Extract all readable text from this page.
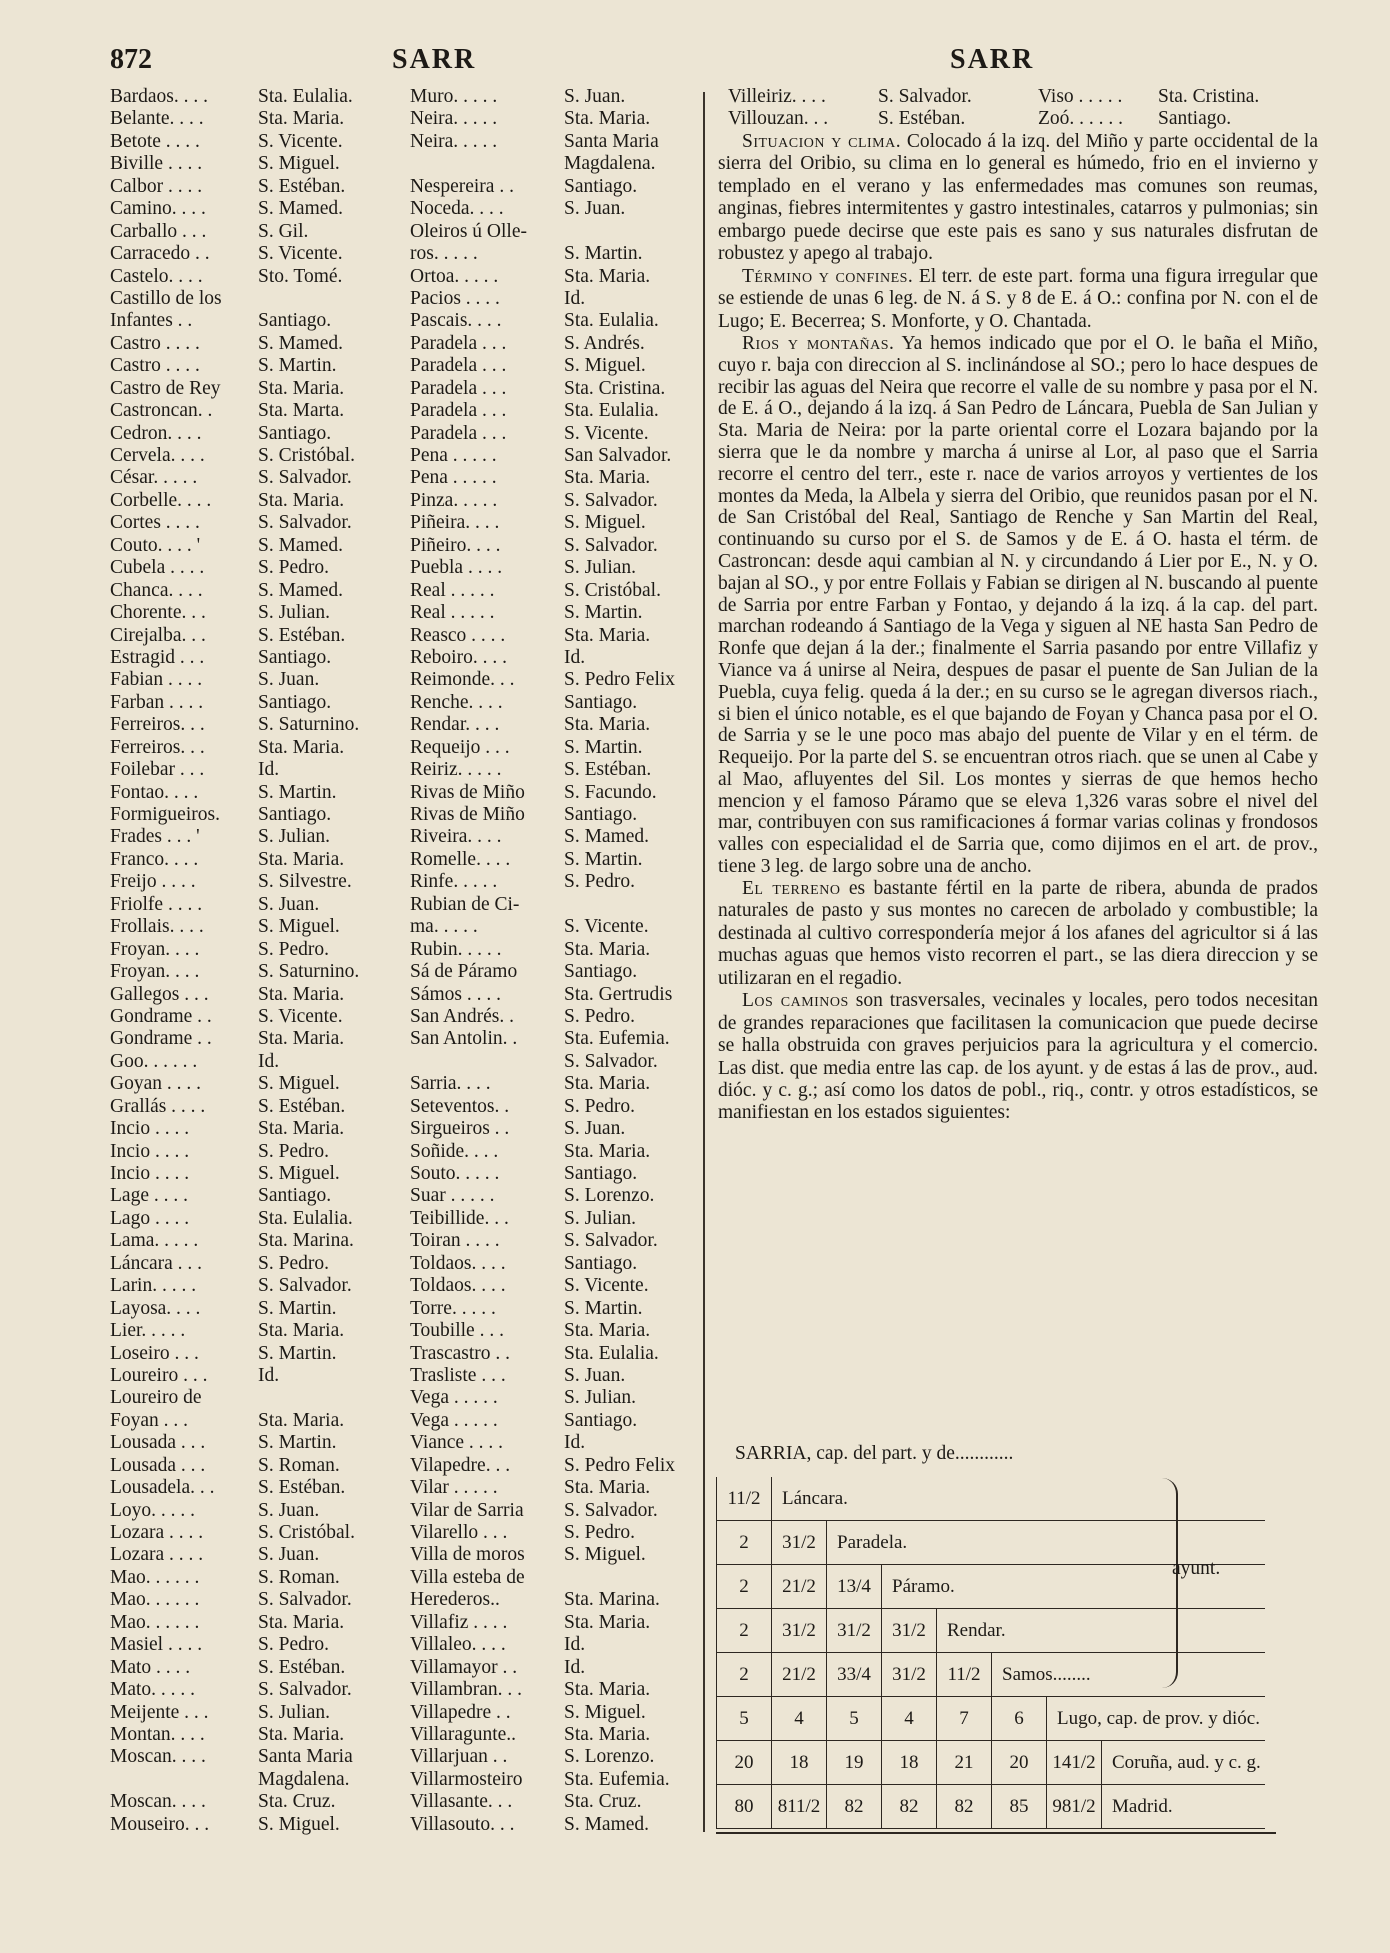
872	SARR	SARR
Bardaos. . . .	Sta. Eulalia.
Belante. . . .	Sta. Maria.
Betote . . . .	S. Vicente.
Biville . . . .	S. Miguel.
Calbor . . . .	S. Estéban.
Camino. . . .	S. Mamed.
Carballo . . .	S. Gil.
Carracedo . . S. Vicente.
Castelo. . . .	Sto. Tomé.
Castillo de los
Infantes . .	Santiago.
Castro . . . .	S. Mamed.
Castro . . . .	S. Martin.
Castro de Rey Sta. Maria.
Castroncan. . Sta. Marta.
Cedron. . . .	Santiago.
Cervela. . . .	S. Cristóbal.
César. . . . .	S. Salvador.
Corbelle. . . . Sta. Maria.
Cortes . . . .	S. Salvador.
Couto. . . . '	S. Mamed.
Cubela . . . .	S. Pedro.
Chanca. . . .	S. Mamed.
Chorente. . .	S. Julian.
Cirejalba. . .	S. Estéban.
Estragid . . .	Santiago.
Fabian . . . .	S. Juan.
Farban . . . .	Santiago.
Ferreiros. . .	S. Saturnino.
Ferreiros. . .	Sta. Maria.
Foilebar . . .	Id.
Fontao. . . .	S. Martin.
Formigueiros. Santiago.
Frades . . . '	S. Julian.
Franco. . . .	Sta. Maria.
Freijo . . . .	S. Silvestre.
Friolfe . . . .	S. Juan.
Frollais. . . .	S. Miguel.
Froyan. . . .	S. Pedro.
Froyan. . . .	S. Saturnino.
Gallegos . . .	Sta. Maria.
Gondrame . . S. Vicente.
Gondrame . . Sta. Maria.
Goo. . . . . .	Id.
Goyan . . . .	S. Miguel.
Grallás . . . .	S. Estéban.
Incio . . . .	Sta. Maria.
Incio . . . .	S. Pedro.
Incio . . . .	S. Miguel.
Lage . . . .	Santiago.
Lago . . . .	Sta. Eulalia.
Lama. . . . .	Sta. Marina.
Láncara . . .	S. Pedro.
Larin. . . . .	S. Salvador.
Layosa. . . .	S. Martin.
Lier. . . . .	Sta. Maria.
Loseiro . . .	S. Martin.
Loureiro . . .	Id.
Loureiro de
Foyan . . .	Sta. Maria.
Lousada . . .	S. Martin.
Lousada . . .	S. Roman.
Lousadela. . . S. Estéban.
Loyo. . . . .	S. Juan.
Lozara . . . .	S. Cristóbal.
Lozara . . . .	S. Juan.
Mao. . . . . .	S. Roman.
Mao. . . . . .	S. Salvador.
Mao. . . . . .	Sta. Maria.
Masiel . . . .	S. Pedro.
Mato . . . .	S. Estéban.
Mato. . . . .	S. Salvador.
Meijente . . .	S. Julian.
Montan. . . .	Sta. Maria.
Moscan. . . .	Santa Maria
Magdalena.
Moscan. . . .	Sta. Cruz.
Mouseiro. . .	S. Miguel.
Muro. . . . .	S. Juan.
Neira. . . . .	Sta. Maria.
Neira. . . . .	Santa Maria
Magdalena.
Nespereira . .	Santiago.
Noceda. . . .	S. Juan.
Oleiros ú Olle-
ros. . . . .	S. Martin.
Ortoa. . . . .	Sta. Maria.
Pacios . . . .	Id.
Pascais. . . .	Sta. Eulalia.
Paradela . . .	S. Andrés.
Paradela . . .	S. Miguel.
Paradela . . .	Sta. Cristina.
Paradela . . .	Sta. Eulalia.
Paradela . . .	S. Vicente.
Pena . . . . .	San Salvador.
Pena . . . . .	Sta. Maria.
Pinza. . . . .	S. Salvador.
Piñeira. . . .	S. Miguel.
Piñeiro. . . .	S. Salvador.
Puebla . . . .	S. Julian.
Real . . . . .	S. Cristóbal.
Real . . . . .	S. Martin.
Reasco . . . .	Sta. Maria.
Reboiro. . . .	Id.
Reimonde. . .	S. Pedro Felix
Renche. . . .	Santiago.
Rendar. . . .	Sta. Maria.
Requeijo . . .	S. Martin.
Reiriz. . . . .	S. Estéban.
Rivas de Miño S. Facundo.
Rivas de Miño Santiago.
Riveira. . . .	S. Mamed.
Romelle. . . .	S. Martin.
Rinfe. . . . .	S. Pedro.
Rubian de Ci-
ma. . . . .	S. Vicente.
Rubin. . . . .	Sta. Maria.
Sá de Páramo Santiago.
Sámos . . . .	Sta. Gertrudis
San Andrés. .	S. Pedro.
San Antolin. . Sta. Eufemia.
S. Salvador.
Sarria. . . .	Sta. Maria.
Seteventos. .	S. Pedro.
Sirgueiros . .	S. Juan.
Soñide. . . .	Sta. Maria.
Souto. . . . .	Santiago.
Suar . . . . .	S. Lorenzo.
Teibillide. . .	S. Julian.
Toiran . . . .	S. Salvador.
Toldaos. . . .	Santiago.
Toldaos. . . .	S. Vicente.
Torre. . . . .	S. Martin.
Toubille . . .	Sta. Maria.
Trascastro . .	Sta. Eulalia.
Trasliste . . .	S. Juan.
Vega . . . . .	S. Julian.
Vega . . . . .	Santiago.
Viance . . . .	Id.
Vilapedre. . .	S. Pedro Felix
Vilar . . . . .	Sta. Maria.
Vilar de Sarria S. Salvador.
Vilarello . . .	S. Pedro.
Villa de moros S. Miguel.
Villa esteba de
Herederos..	Sta. Marina.
Villafiz . . . .	Sta. Maria.
Villaleo. . . .	Id.
Villamayor . . Id.
Villambran. . . Sta. Maria.
Villapedre . .	S. Miguel.
Villaragunte.. Sta. Maria.
Villarjuan . .	S. Lorenzo.
Villarmosteiro Sta. Eufemia.
Villasante. . .	Sta. Cruz.
Villasouto. . .	S. Mamed.
Villeiriz. . . .	S. Salvador.	Viso . . . . . Sta. Cristina.
Villouzan. . .	S. Estéban.	Zoó. . . . . . Santiago.

Situacion y clima. Colocado á la izq. del Miño y parte occidental de la sierra del Oribio, su clima en lo general es húmedo, frio en el invierno y templado en el verano y las enfermedades mas comunes son reumas, anginas, fiebres intermitentes y gastro intestinales, catarros y pulmonias; sin embargo puede decirse que este pais es sano y sus naturales disfrutan de robustez y apego al trabajo.

Término y confines. El terr. de este part. forma una figura irregular que se estiende de unas 6 leg. de N. á S. y 8 de E. á O.: confina por N. con el de Lugo; E. Becerrea; S. Monforte, y O. Chantada.

Rios y montañas. Ya hemos indicado que por el O. le baña el Miño, cuyo r. baja con direccion al S. inclinándose al SO.; pero lo hace despues de recibir las aguas del Neira que recorre el valle de su nombre y pasa por el N. de E. á O., dejando á la izq. á San Pedro de Láncara, Puebla de San Julian y Sta. Maria de Neira: por la parte oriental corre el Lozara bajando por la sierra que le da nombre y marcha á unirse al Lor, al paso que el Sarria recorre el centro del terr., este r. nace de varios arroyos y vertientes de los montes da Meda, la Albela y sierra del Oribio, que reunidos pasan por el N. de San Cristóbal del Real, Santiago de Renche y San Martin del Real, continuando su curso por el S. de Samos y de E. á O. hasta el térm. de Castroncan: desde aqui cambian al N. y circundando á Lier por E., N. y O. bajan al SO., y por entre Follais y Fabian se dirigen al N. buscando al puente de Sarria por entre Farban y Fontao, y dejando á la izq. á la cap. del part. marchan rodeando á Santiago de la Vega y siguen al NE hasta San Pedro de Ronfe que dejan á la der.; finalmente el Sarria pasando por entre Villafiz y Viance va á unirse al Neira, despues de pasar el puente de San Julian de la Puebla, cuya felig. queda á la der.; en su curso se le agregan diversos riach., si bien el único notable, es el que bajando de Foyan y Chanca pasa por el O. de Sarria y se le une poco mas abajo del puente de Vilar y en el térm. de Requeijo. Por la parte del S. se encuentran otros riach. que se unen al Cabe y al Mao, afluyentes del Sil. Los montes y sierras de que hemos hecho mencion y el famoso Páramo que se eleva 1,326 varas sobre el nivel del mar, contribuyen con sus ramificaciones á formar varias colinas y frondosos valles con especialidad el de Sarria que, como dijimos en el art. de prov., tiene 3 leg. de largo sobre una de ancho.

El terreno es bastante fértil en la parte de ribera, abunda de prados naturales de pasto y sus montes no carecen de arbolado y combustible; la destinada al cultivo correspondería mejor á los afanes del agricultor si á las muchas aguas que hemos visto recorren el part., se las diera direccion y se utilizaran en el regadio.

Los caminos son trasversales, vecinales y locales, pero todos necesitan de grandes reparaciones que facilitasen la comunicacion que puede decirse se halla obstruida con graves perjuicios para la agricultura y el comercio. Las dist. que media entre las cap. de los ayunt. y de estas á las de prov., aud. dióc. y c. g.; así como los datos de pobl., riq., contr. y otros estadísticos, se manifiestan en los estados siguientes:

SARRIA, cap. del part. y de............
11/2	Láncara.						
2	31/2	Paradela.					
2	21/2	13/4	Páramo.				
2	31/2	31/2	31/2	Rendar.			
2	21/2	33/4	31/2	11/2	Samos........		
5	4	5	4	7	6	Lugo, cap. de prov. y dióc.	
20	18	19	18	21	20	141/2	Coruña, aud. y c. g.
80	811/2	82	82	82	85	981/2	Madrid.
ayunt.
